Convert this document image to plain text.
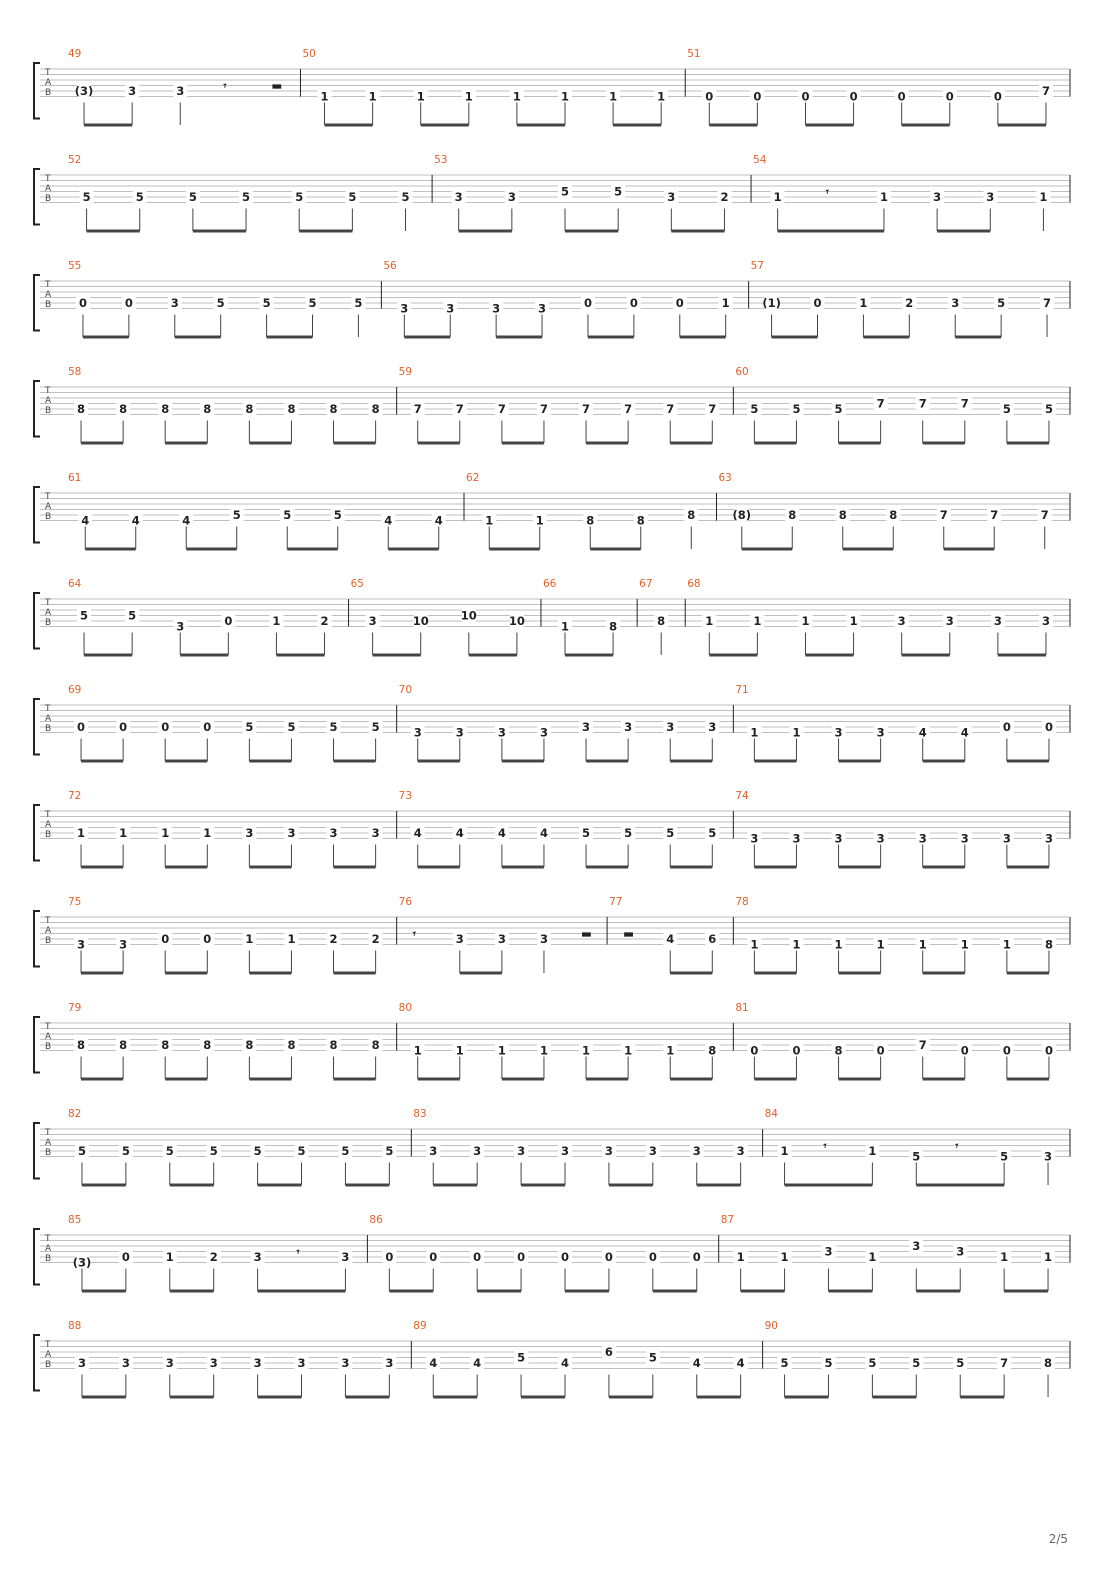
T
A
B
49
(3)	3	3	𝄾	▬
50
1	1	1	1	1	1	1	1
51
0	0	0	0	0	0	0	7
T
A
B
52
5	5	5	5	5	5	5
53
3	3	5	5	3	2
54
1	𝄾	1	3	3	1
T
A
B
55
0	0	3	5	5	5	5
56
3	3	3	3	0	0	0	1
57
(1)	0	1	2	3	5	7
T
A
B
58
8	8	8	8	8	8	8	8
59
7	7	7	7	7	7	7	7
60
5	5	5	7	7	7	5	5
T
A
B
61
4	4	4	5	5	5	4	4
62
1	1	8	8	8
63
(8)	8	8	8	7	7	7
T
A
B
64
5	5
3	0	1	2
65
3	10	10	10
66
1	8
67
8
68
1	1	1	1	3	3	3	3
T
A
B
69
0	0	0	0	5	5	5	5
70
3	3	3	3	3	3	3	3
71
1	1	3	3	4	4	0	0
T
A
B
72
1	1	1	1	3	3	3	3
73
4	4	4	4	5	5	5	5
74
3	3	3	3	3	3	3	3
T
A
B
75
3	3	0	0	1	1	2	2
76
𝄾	3	3	3	▬
77
▬	4	6
78
1	1	1	1	1	1	1	8
T
A
B
79
8	8	8	8	8	8	8	8
80
1	1	1	1	1	1	1	8
81
0	0	8	0	7	0	0	0
T
A
B
82
5	5	5	5	5	5	5	5
83
3	3	3	3	3	3	3	3
84
1	𝄾	1	5
𝄾
5	3
T
A
B
85
(3)	0	1	2	3	𝄾	3
86
0	0	0	0	0	0	0	0
87
1	1	3	1
3	3	1	1
T
A
B
88
3	3	3	3	3	3	3	3
89
4	4	5	4
6	5	4	4
90
5	5	5	5	5	7	8
2/5
